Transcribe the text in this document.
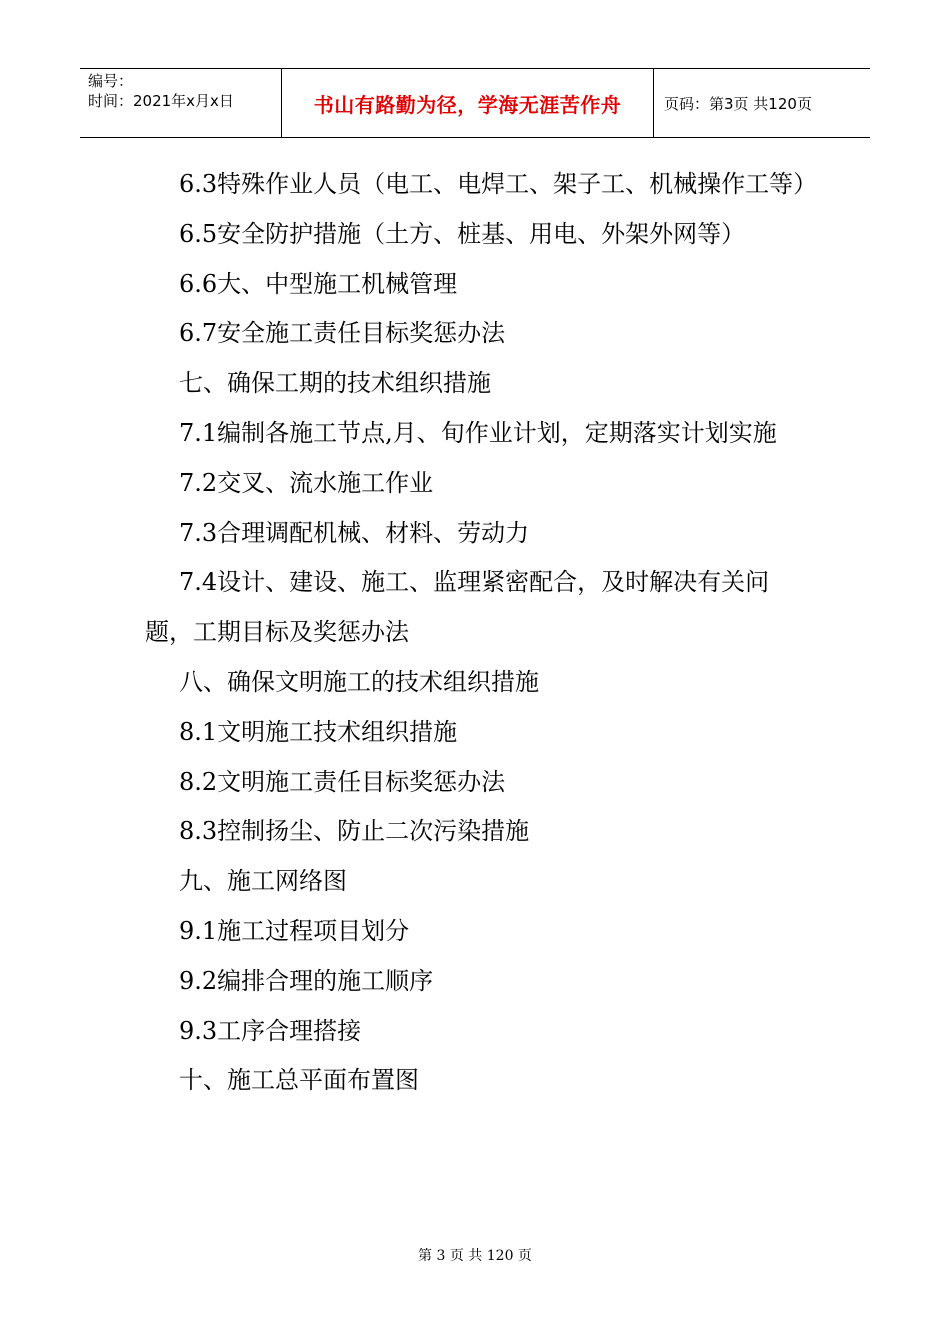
编号：
时间：2021年x月x日	书山有路勤为径，学海无涯苦作舟	页码：第3页 共120页

6.3特殊作业人员（电工、电焊工、架子工、机械操作工等）

6.5安全防护措施（土方、桩基、用电、外架外网等）

6.6大、中型施工机械管理

6.7安全施工责任目标奖惩办法

七、确保工期的技术组织措施

7.1编制各施工节点,月、旬作业计划，定期落实计划实施

7.2交叉、流水施工作业

7.3合理调配机械、材料、劳动力

7.4设计、建设、施工、监理紧密配合，及时解决有关问题，工期目标及奖惩办法

八、确保文明施工的技术组织措施

8.1文明施工技术组织措施

8.2文明施工责任目标奖惩办法

8.3控制扬尘、防止二次污染措施

九、施工网络图

9.1施工过程项目划分

9.2编排合理的施工顺序

9.3工序合理搭接

十、施工总平面布置图

第 3 页 共 120 页
